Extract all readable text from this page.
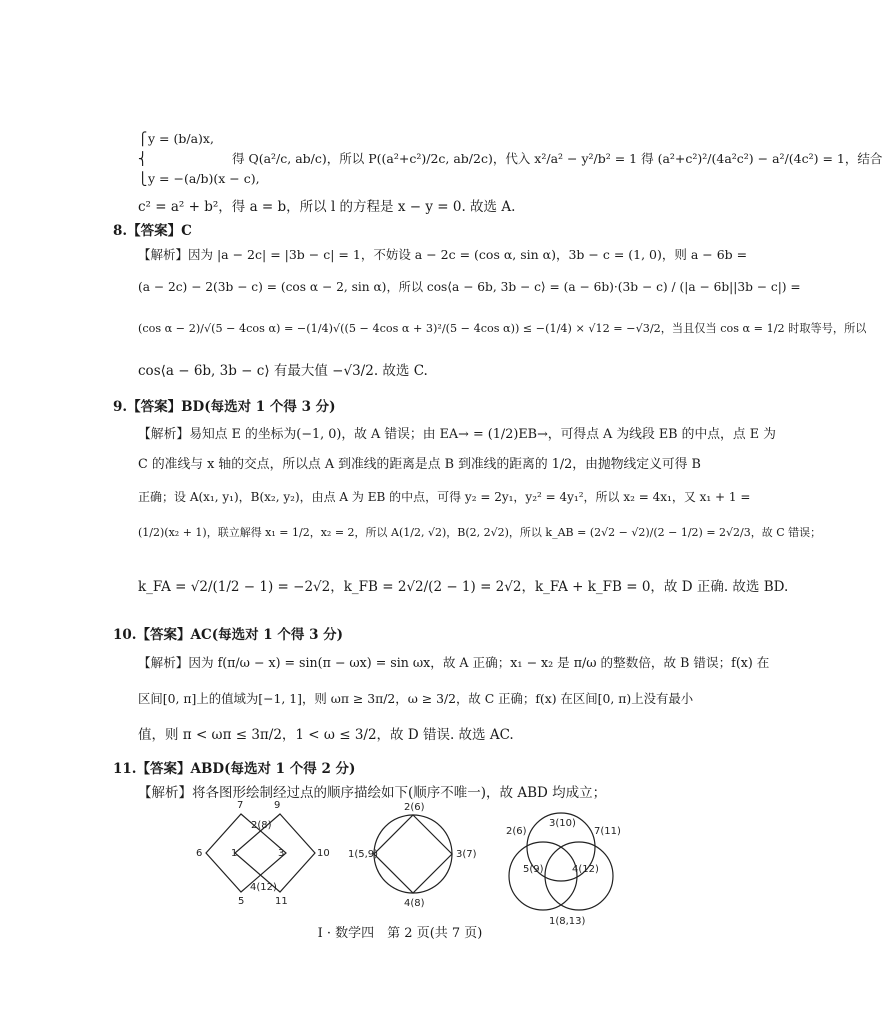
⎧
⎨
⎩
y = (b/a)x,
y = −(a/b)(x − c),
得 Q(a²/c, ab/c)，所以 P((a²+c²)/2c, ab/2c)，代入 x²/a² − y²/b² = 1 得 (a²+c²)²/(4a²c²) − a²/(4c²) = 1，结合
c² = a² + b²，得 a = b，所以 l 的方程是 x − y = 0. 故选 A.
8.【答案】C
【解析】因为 |a − 2c| = |3b − c| = 1，不妨设 a − 2c = (cos α, sin α)，3b − c = (1, 0)，则 a − 6b =
(a − 2c) − 2(3b − c) = (cos α − 2, sin α)，所以 cos⟨a − 6b, 3b − c⟩ = (a − 6b)·(3b − c) / (|a − 6b||3b − c|) =
(cos α − 2)/√(5 − 4cos α) = −(1/4)√((5 − 4cos α + 3)²/(5 − 4cos α)) ≤ −(1/4) × √12 = −√3/2，当且仅当 cos α = 1/2 时取等号，所以
cos⟨a − 6b, 3b − c⟩ 有最大值 −√3/2. 故选 C.
9.【答案】BD(每选对 1 个得 3 分)
【解析】易知点 E 的坐标为(−1, 0)，故 A 错误；由 EA→ = (1/2)EB→，可得点 A 为线段 EB 的中点，点 E 为
C 的准线与 x 轴的交点，所以点 A 到准线的距离是点 B 到准线的距离的 1/2，由抛物线定义可得 B
正确；设 A(x₁, y₁)，B(x₂, y₂)，由点 A 为 EB 的中点，可得 y₂ = 2y₁，y₂² = 4y₁²，所以 x₂ = 4x₁，又 x₁ + 1 =
(1/2)(x₂ + 1)，联立解得 x₁ = 1/2，x₂ = 2，所以 A(1/2, √2)，B(2, 2√2)，所以 k_AB = (2√2 − √2)/(2 − 1/2) = 2√2/3，故 C 错误；
k_FA = √2/(1/2 − 1) = −2√2，k_FB = 2√2/(2 − 1) = 2√2，k_FA + k_FB = 0，故 D 正确. 故选 BD.
10.【答案】AC(每选对 1 个得 3 分)
【解析】因为 f(π/ω − x) = sin(π − ωx) = sin ωx，故 A 正确；x₁ − x₂ 是 π/ω 的整数倍，故 B 错误；f(x) 在
区间[0, π]上的值域为[−1, 1]，则 ωπ ≥ 3π/2，ω ≥ 3/2，故 C 正确；f(x) 在区间[0, π)上没有最小
值，则 π < ωπ ≤ 3π/2，1 < ω ≤ 3/2，故 D 错误. 故选 AC.
11.【答案】ABD(每选对 1 个得 2 分)
【解析】将各图形绘制经过点的顺序描绘如下(顺序不唯一)，故 ABD 均成立；
7	9
2(8)
6	1	3	10
4(12)
5	11
2(6)
1(5,9)	3(7)
4(8)
2(6)
3(10)
7(11)
5(9)	4(12)
1(8,13)
Ⅰ · 数学四　第 2 页(共 7 页)
